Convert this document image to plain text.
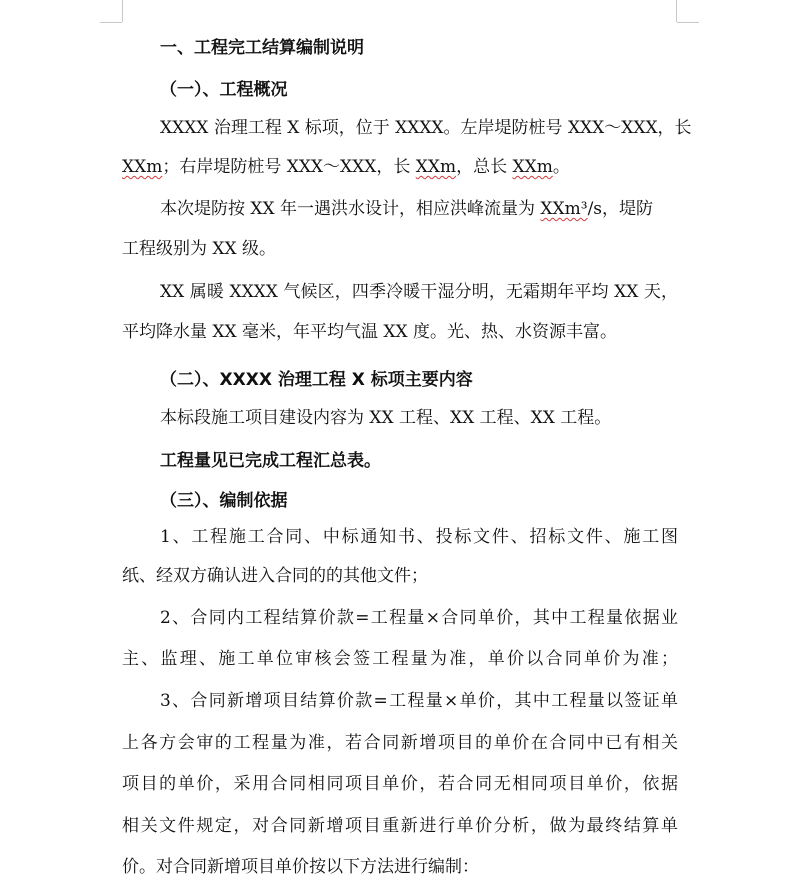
一、工程完工结算编制说明
（一）、工程概况
XXXX 治理工程 X 标项，位于 XXXX。左岸堤防桩号 XXX～XXX，长
XXm；右岸堤防桩号 XXX～XXX，长 XXm，总长 XXm。
本次堤防按 XX 年一遇洪水设计，相应洪峰流量为 XXm³/s，堤防
工程级别为 XX 级。
XX 属暖 XXXX 气候区，四季冷暖干湿分明，无霜期年平均 XX 天，
平均降水量 XX 毫米，年平均气温 XX 度。光、热、水资源丰富。
（二）、XXXX 治理工程 X 标项主要内容
本标段施工项目建设内容为 XX 工程、XX 工程、XX 工程。
工程量见已完成工程汇总表。
（三）、编制依据
1、工程施工合同、中标通知书、投标文件、招标文件、施工图
纸、经双方确认进入合同的的其他文件；
2、合同内工程结算价款=工程量×合同单价，其中工程量依据业
主、监理、施工单位审核会签工程量为准，单价以合同单价为准；
3、合同新增项目结算价款=工程量×单价，其中工程量以签证单
上各方会审的工程量为准，若合同新增项目的单价在合同中已有相关
项目的单价，采用合同相同项目单价，若合同无相同项目单价，依据
相关文件规定，对合同新增项目重新进行单价分析，做为最终结算单
价。对合同新增项目单价按以下方法进行编制：
